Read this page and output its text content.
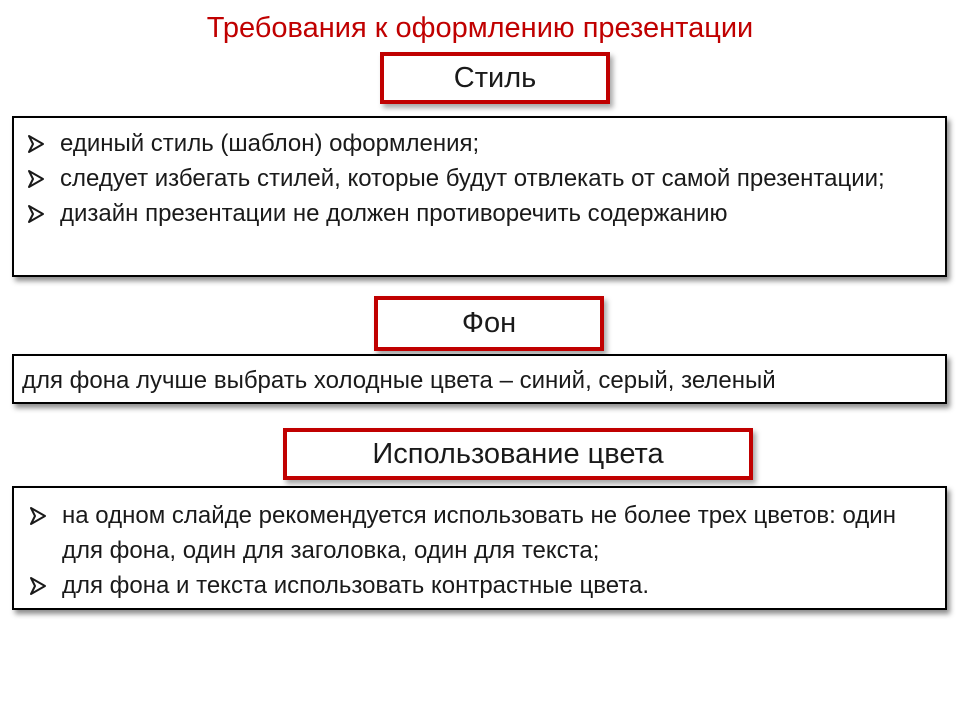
Требования к оформлению презентации
Стиль
единый стиль (шаблон) оформления;
следует избегать стилей, которые будут отвлекать от самой презентации;
дизайн презентации не должен противоречить содержанию
Фон
для фона лучше выбрать холодные цвета – синий, серый, зеленый
Использование цвета
на одном слайде рекомендуется использовать не более трех цветов: один для фона, один для заголовка, один для текста;
для фона и текста использовать контрастные цвета.
